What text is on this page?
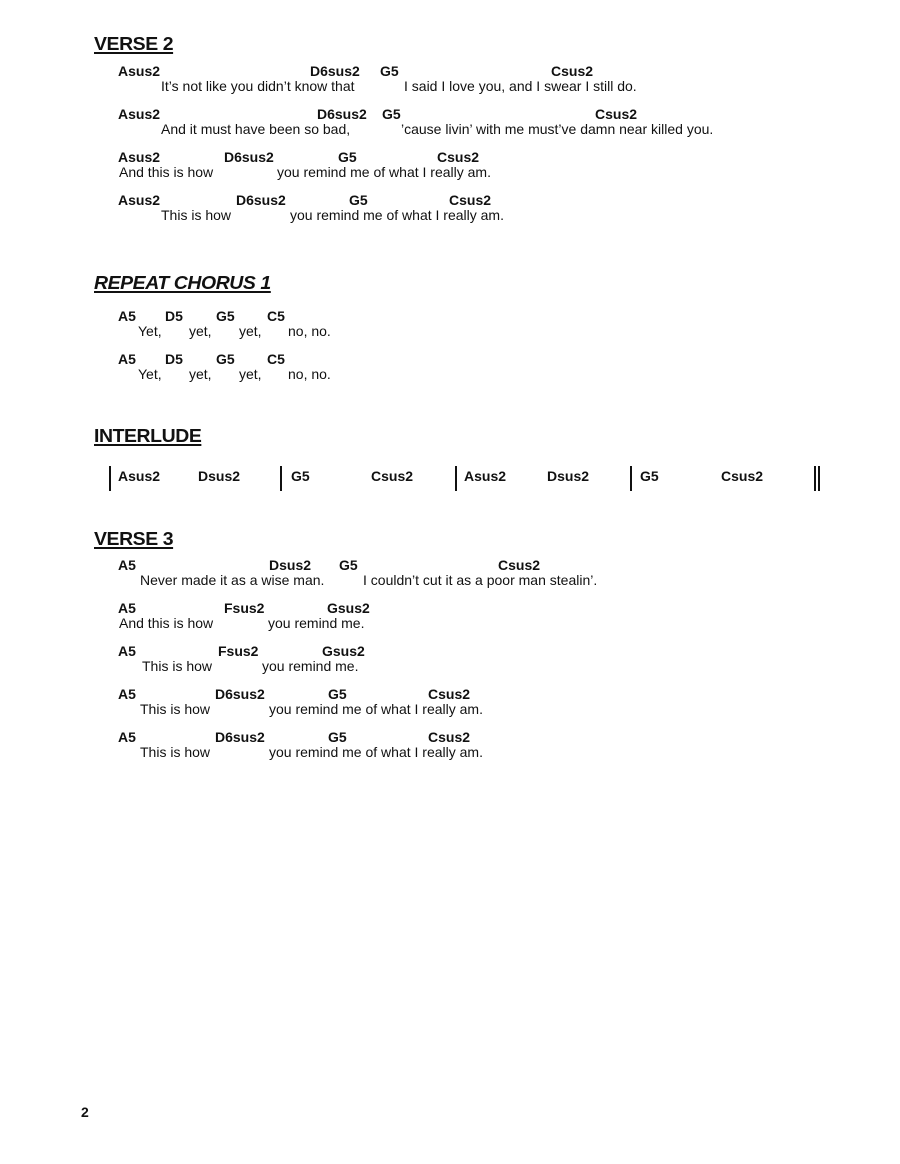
VERSE 2
Asus2	D6sus2 G5	Csus2
It’s not like you didn’t know that	I said I love you, and I swear I still do.
Asus2	D6sus2 G5	Csus2
And it must have been so bad,	’cause livin’ with me must’ve damn near killed you.
Asus2	D6sus2	G5	Csus2
And this is how	you remind me of what I really am.
Asus2	D6sus2	G5	Csus2
This is how	you remind me of what I really am.
REPEAT CHORUS 1
A5 D5 G5 C5
Yet, yet, yet, no, no.
A5 D5 G5 C5
Yet, yet, yet, no, no.
INTERLUDE
Asus2	Dsus2	G5	Csus2	Asus2	Dsus2	G5	Csus2
VERSE 3
A5	Dsus2 G5	Csus2
Never made it as a wise man.	I couldn’t cut it as a poor man stealin’.
A5	Fsus2	Gsus2
And this is how	you remind me.
A5	Fsus2	Gsus2
This is how	you remind me.
A5	D6sus2	G5	Csus2
This is how	you remind me of what I really am.
A5	D6sus2	G5	Csus2
This is how	you remind me of what I really am.
2
